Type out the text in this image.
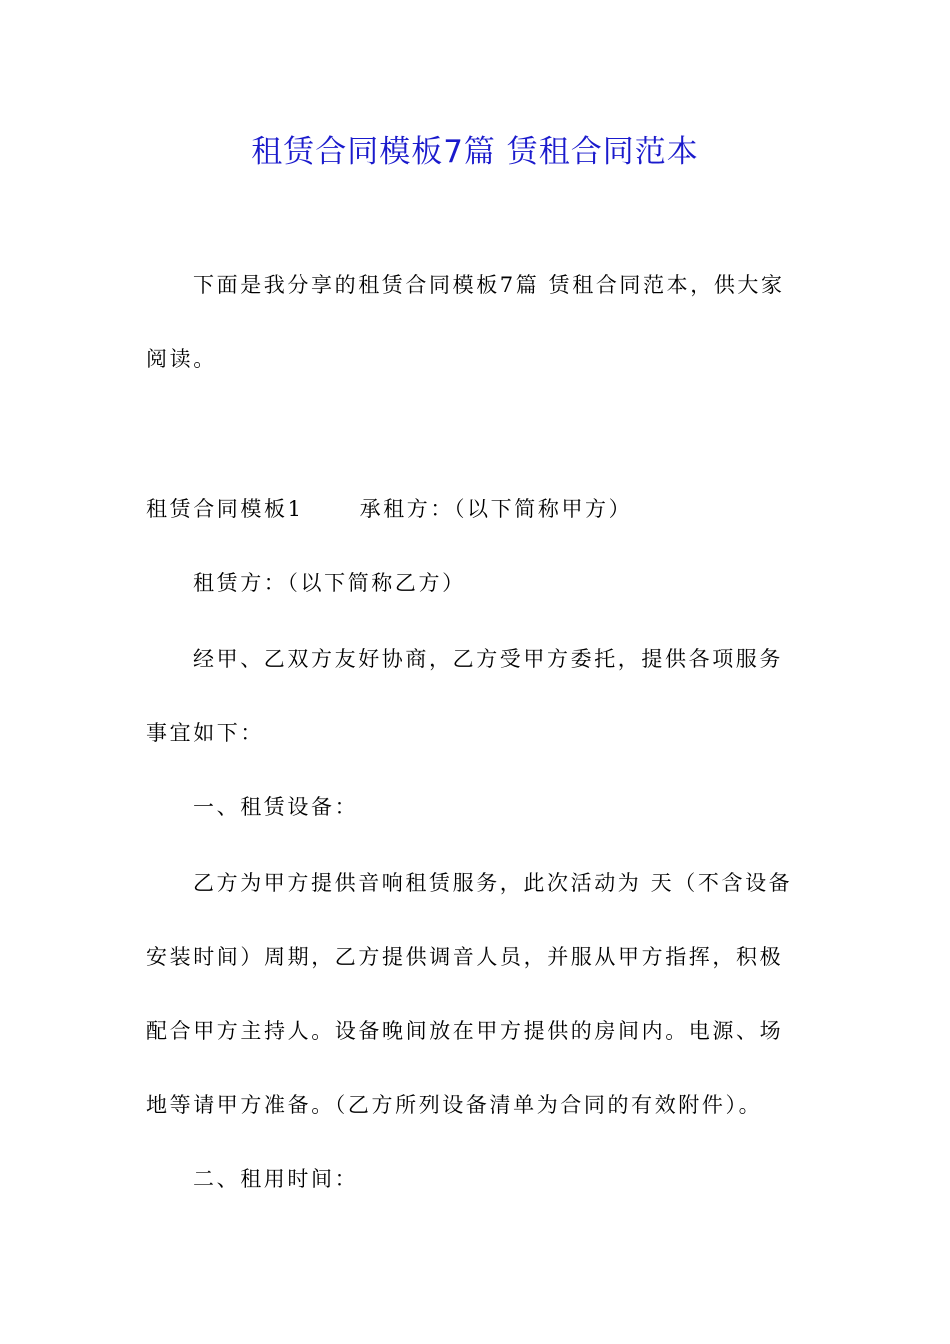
租赁合同模板7篇 赁租合同范本
下面是我分享的租赁合同模板7篇 赁租合同范本，供大家
阅读。
租赁合同模板1	承租方：（以下简称甲方）
租赁方：（以下简称乙方）
经甲、乙双方友好协商，乙方受甲方委托，提供各项服务
事宜如下：
一、租赁设备：
乙方为甲方提供音响租赁服务，此次活动为 天（不含设备
安装时间）周期，乙方提供调音人员，并服从甲方指挥，积极
配合甲方主持人。设备晚间放在甲方提供的房间内。电源、场
地等请甲方准备。（乙方所列设备清单为合同的有效附件）。
二、租用时间：
